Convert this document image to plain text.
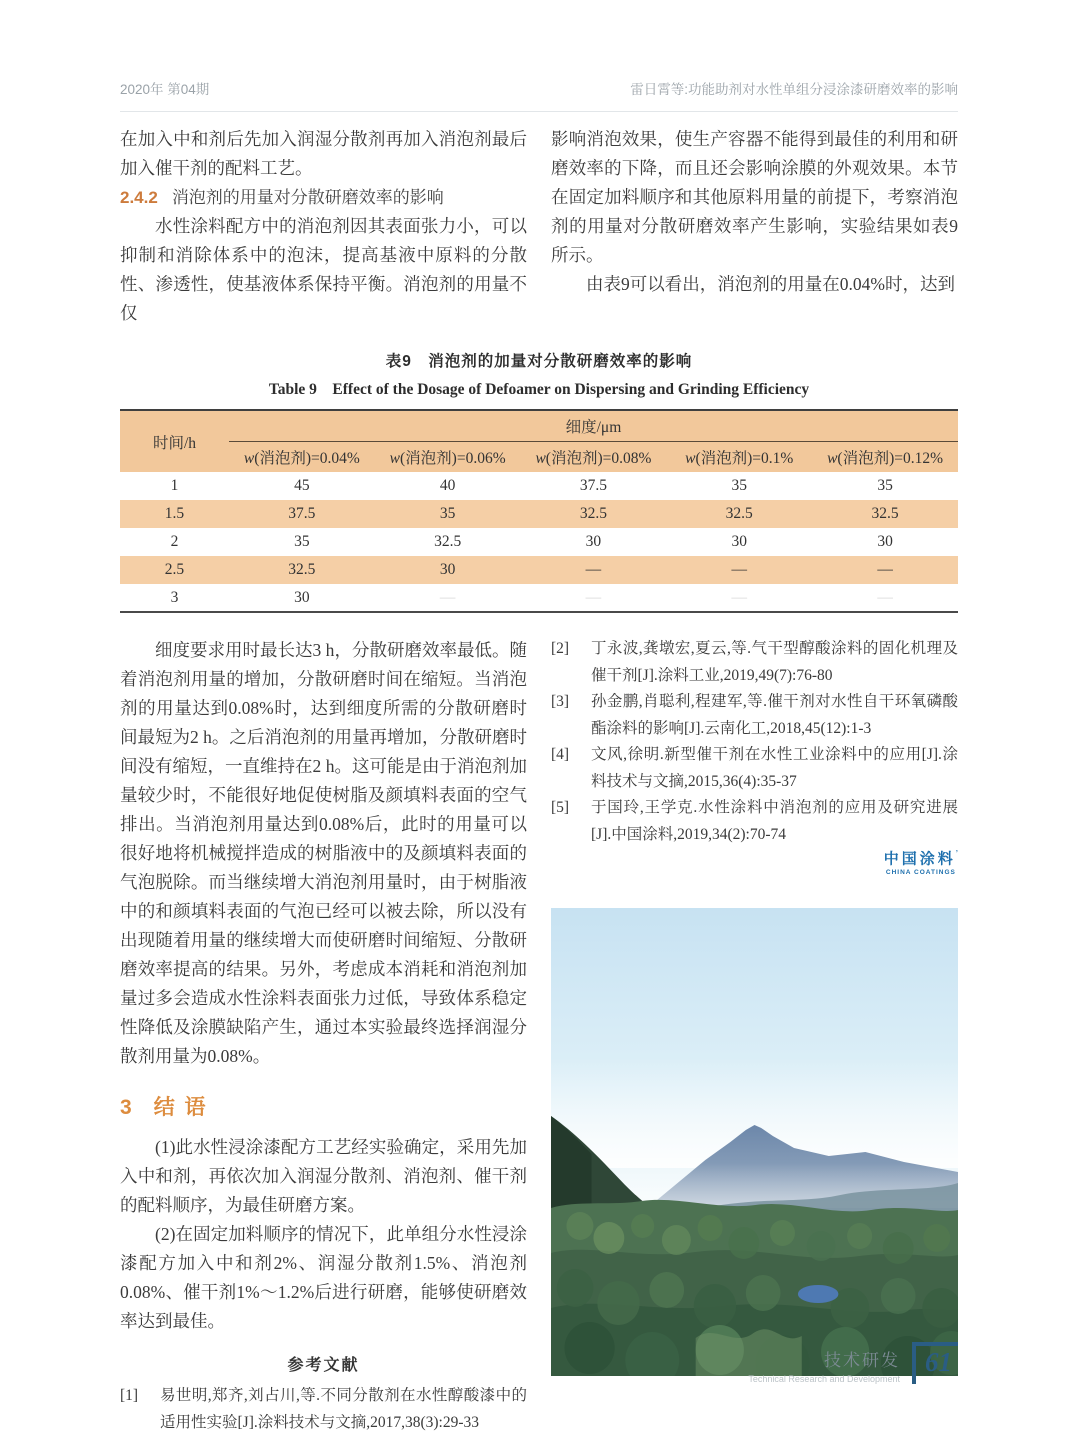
2020年 第04期	雷日霄等:功能助剂对水性单组分浸涂漆研磨效率的影响

在加入中和剂后先加入润湿分散剂再加入消泡剂最后加入催干剂的配料工艺。

2.4.2 消泡剂的用量对分散研磨效率的影响

水性涂料配方中的消泡剂因其表面张力小，可以抑制和消除体系中的泡沫，提高基液中原料的分散性、渗透性，使基液体系保持平衡。消泡剂的用量不仅

影响消泡效果，使生产容器不能得到最佳的利用和研磨效率的下降，而且还会影响涂膜的外观效果。本节在固定加料顺序和其他原料用量的前提下，考察消泡剂的用量对分散研磨效率产生影响，实验结果如表9所示。

由表9可以看出，消泡剂的用量在0.04%时，达到

表9　消泡剂的加量对分散研磨效率的影响
Table 9　Effect of the Dosage of Defoamer on Dispersing and Grinding Efficiency
时间/h	细度/μm				
	w(消泡剂)=0.04%	w(消泡剂)=0.06%	w(消泡剂)=0.08%	w(消泡剂)=0.1%	w(消泡剂)=0.12%
1	45	40	37.5	35	35
1.5	37.5	35	32.5	32.5	32.5
2	35	32.5	30	30	30
2.5	32.5	30	—	—	—
3	30	—	—	—	—

细度要求用时最长达3 h，分散研磨效率最低。随着消泡剂用量的增加，分散研磨时间在缩短。当消泡剂的用量达到0.08%时，达到细度所需的分散研磨时间最短为2 h。之后消泡剂的用量再增加，分散研磨时间没有缩短，一直维持在2 h。这可能是由于消泡剂加量较少时，不能很好地促使树脂及颜填料表面的空气排出。当消泡剂用量达到0.08%后，此时的用量可以很好地将机械搅拌造成的树脂液中的及颜填料表面的气泡脱除。而当继续增大消泡剂用量时，由于树脂液中的和颜填料表面的气泡已经可以被去除，所以没有出现随着用量的继续增大而使研磨时间缩短、分散研磨效率提高的结果。另外，考虑成本消耗和消泡剂加量过多会造成水性涂料表面张力过低，导致体系稳定性降低及涂膜缺陷产生，通过本实验最终选择润湿分散剂用量为0.08%。

3 结 语

(1)此水性浸涂漆配方工艺经实验确定，采用先加入中和剂，再依次加入润湿分散剂、消泡剂、催干剂的配料顺序，为最佳研磨方案。

(2)在固定加料顺序的情况下，此单组分水性浸涂漆配方加入中和剂2%、润湿分散剂1.5%、消泡剂0.08%、催干剂1%～1.2%后进行研磨，能够使研磨效率达到最佳。

参考文献
[1]	易世明,郑齐,刘占川,等.不同分散剂在水性醇酸漆中的适用性实验[J].涂料技术与文摘,2017,38(3):29-33
[2]	丁永波,龚墩宏,夏云,等.气干型醇酸涂料的固化机理及催干剂[J].涂料工业,2019,49(7):76-80
[3]	孙金鹏,肖聪利,程建军,等.催干剂对水性自干环氧磷酸酯涂料的影响[J].云南化工,2018,45(12):1-3
[4]	文风,徐明.新型催干剂在水性工业涂料中的应用[J].涂料技术与文摘,2015,36(4):35-37
[5]	于国玲,王学克.水性涂料中消泡剂的应用及研究进展[J].中国涂料,2019,34(2):70-74
中国涂料’
CHINA COATINGS
技术研发
Technical Research and Development
61
